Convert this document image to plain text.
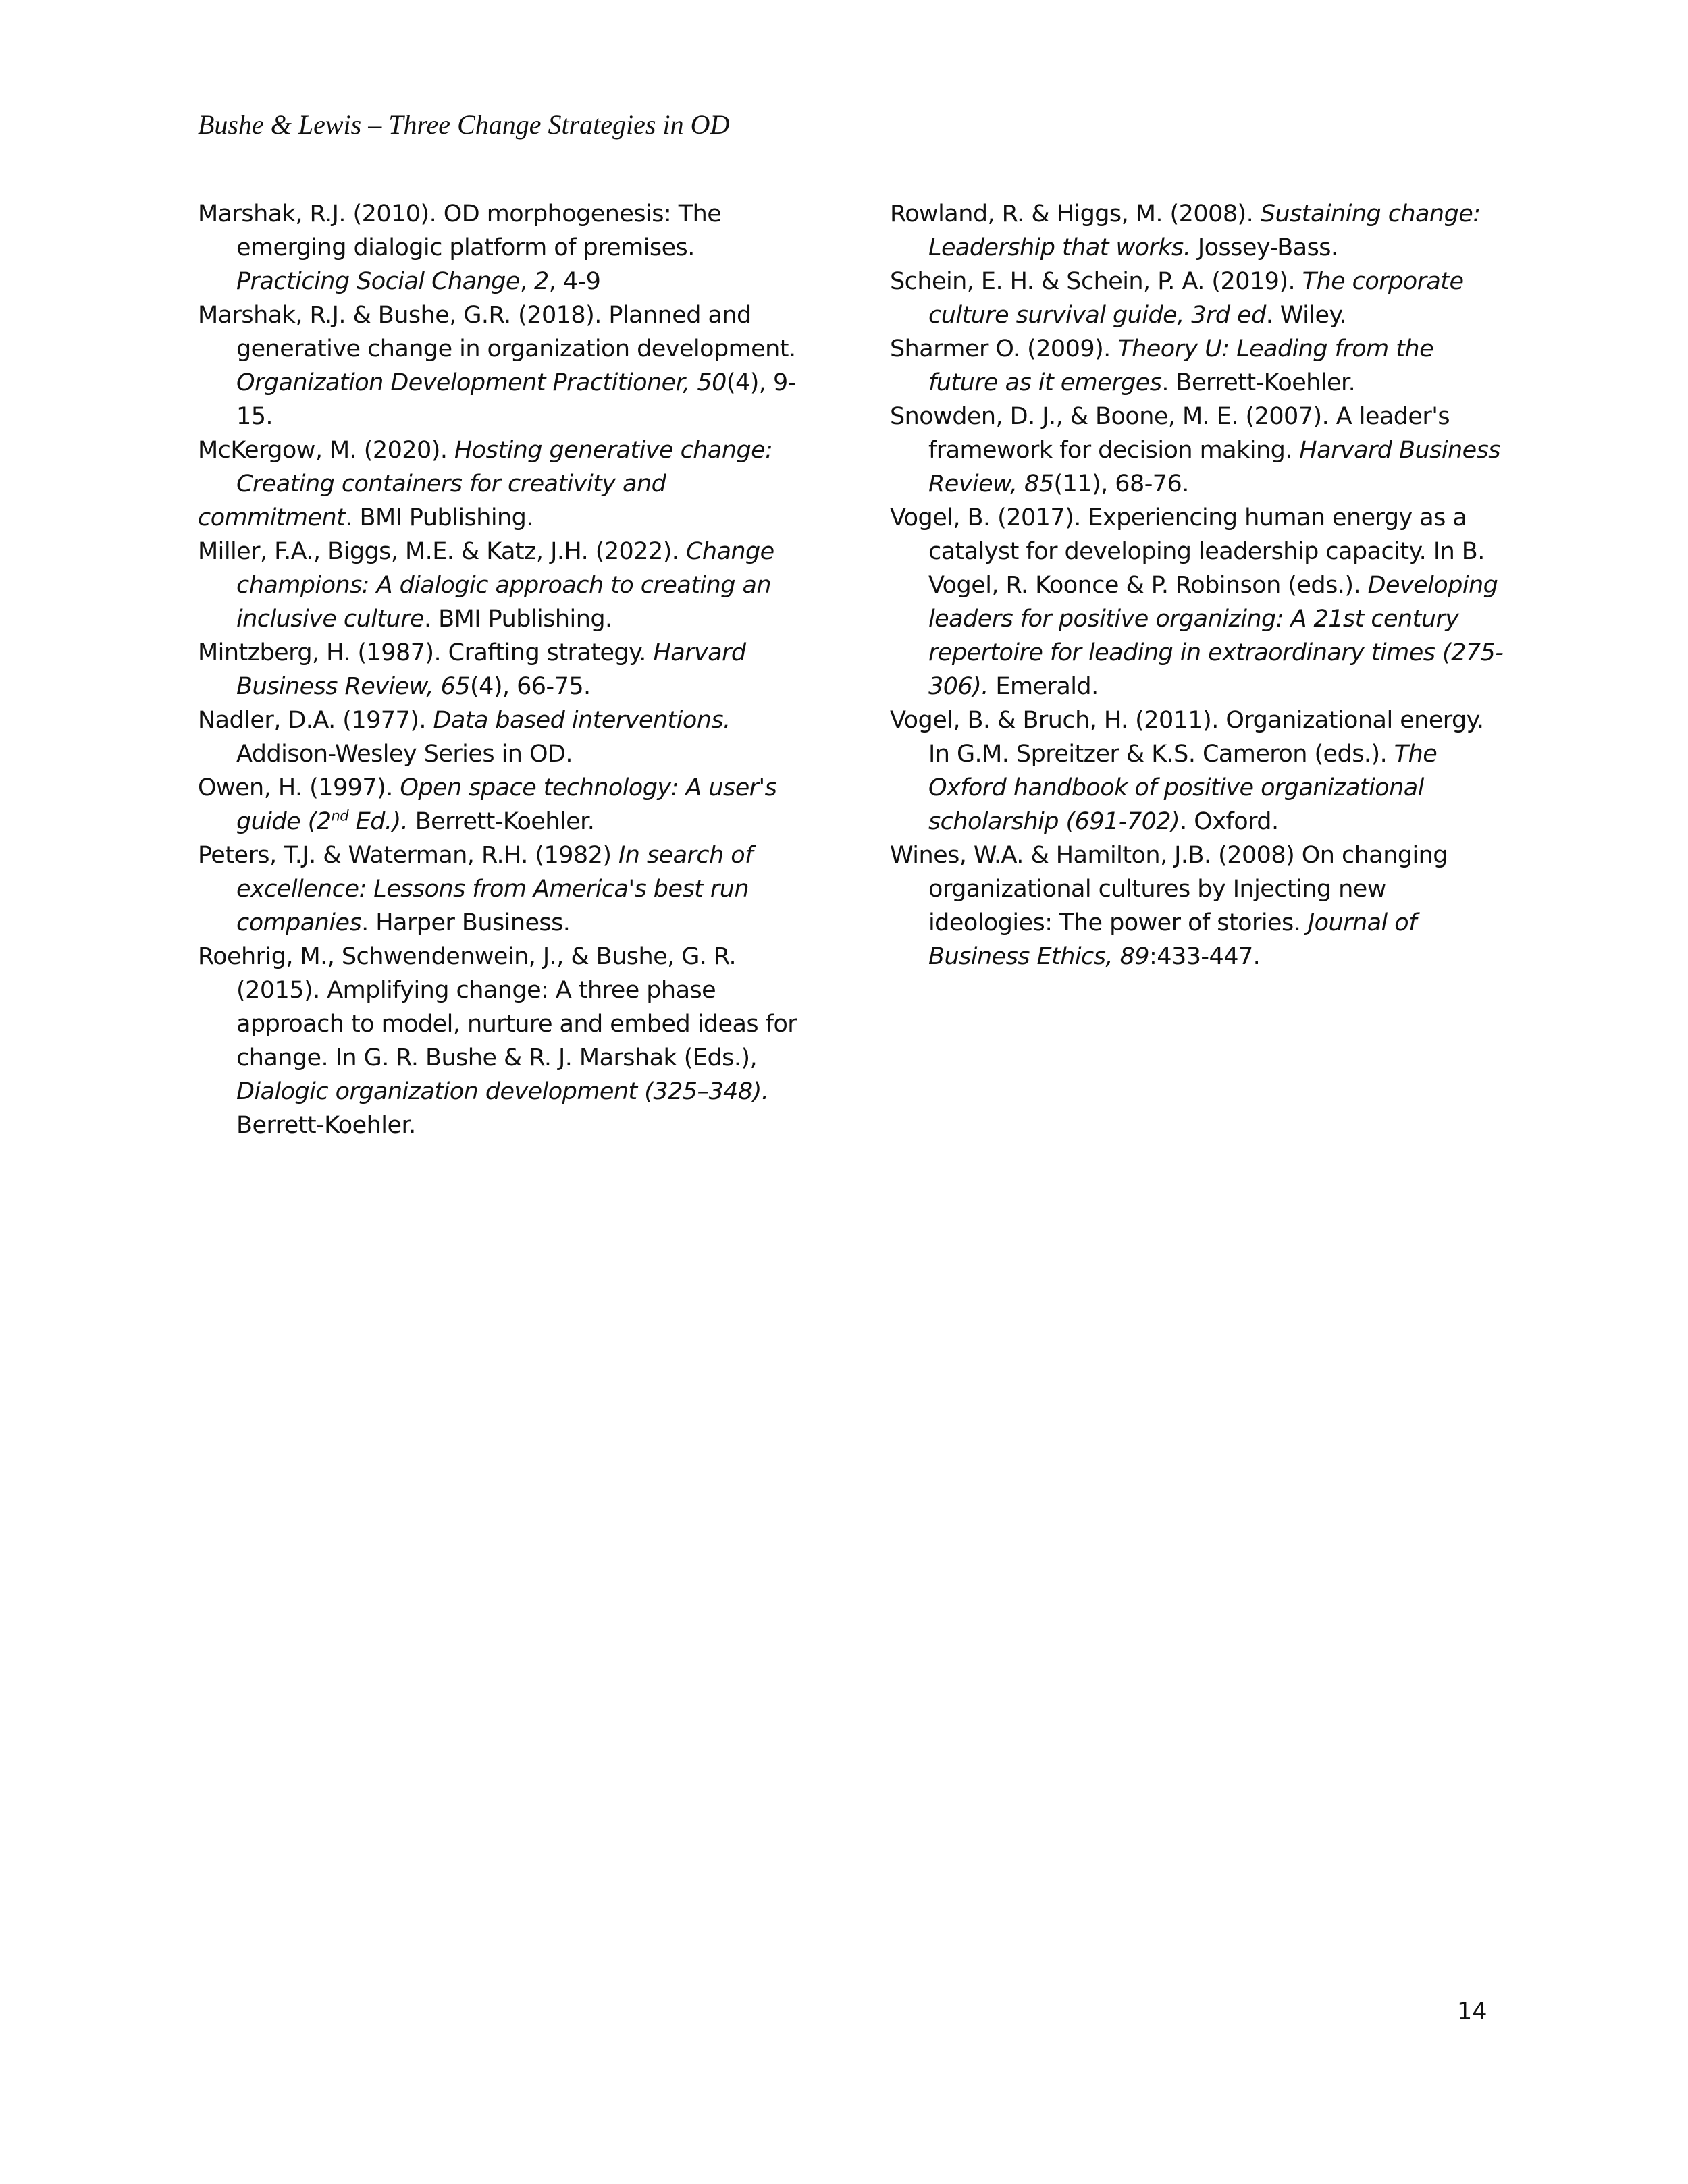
Bushe & Lewis – Three Change Strategies in OD
Marshak, R.J. (2010). OD morphogenesis: The
emerging dialogic platform of premises.
Practicing Social Change, 2, 4-9
Marshak, R.J. & Bushe, G.R. (2018). Planned and
generative change in organization development.
Organization Development Practitioner, 50(4), 9-
15.
McKergow, M. (2020). Hosting generative change:
Creating containers for creativity and
commitment. BMI Publishing.
Miller, F.A., Biggs, M.E. & Katz, J.H. (2022). Change
champions: A dialogic approach to creating an
inclusive culture. BMI Publishing.
Mintzberg, H. (1987). Crafting strategy. Harvard
Business Review, 65(4), 66-75.
Nadler, D.A. (1977). Data based interventions.
Addison-Wesley Series in OD.
Owen, H. (1997). Open space technology: A user's
guide (2nd Ed.). Berrett-Koehler.
Peters, T.J. & Waterman, R.H. (1982) In search of
excellence: Lessons from America's best run
companies. Harper Business.
Roehrig, M., Schwendenwein, J., & Bushe, G. R.
(2015). Amplifying change: A three phase
approach to model, nurture and embed ideas for
change. In G. R. Bushe & R. J. Marshak (Eds.),
Dialogic organization development (325–348).
Berrett-Koehler.
Rowland, R. & Higgs, M. (2008). Sustaining change:
Leadership that works. Jossey-Bass.
Schein, E. H. & Schein, P. A. (2019). The corporate
culture survival guide, 3rd ed. Wiley.
Sharmer O. (2009). Theory U: Leading from the
future as it emerges. Berrett-Koehler.
Snowden, D. J., & Boone, M. E. (2007). A leader's
framework for decision making. Harvard Business
Review, 85(11), 68-76.
Vogel, B. (2017). Experiencing human energy as a
catalyst for developing leadership capacity. In B.
Vogel, R. Koonce & P. Robinson (eds.). Developing
leaders for positive organizing: A 21st century
repertoire for leading in extraordinary times (275-
306). Emerald.
Vogel, B. & Bruch, H. (2011). Organizational energy.
In G.M. Spreitzer & K.S. Cameron (eds.). The
Oxford handbook of positive organizational
scholarship (691-702). Oxford.
Wines, W.A. & Hamilton, J.B. (2008) On changing
organizational cultures by Injecting new
ideologies: The power of stories. Journal of
Business Ethics, 89:433-447.
14
